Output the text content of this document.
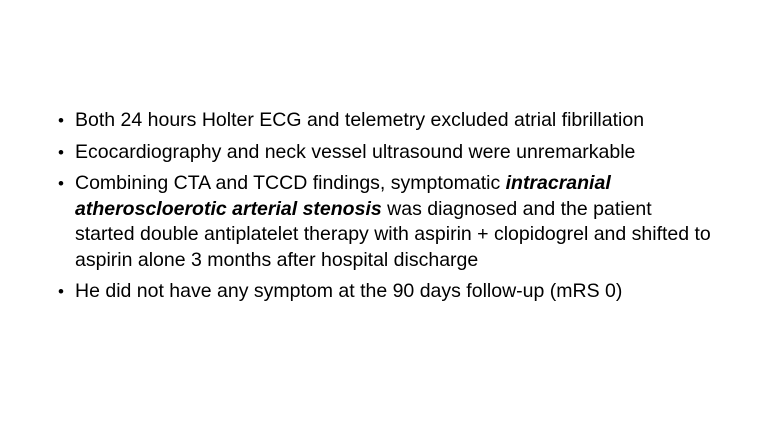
• Both 24 hours Holter ECG and telemetry excluded atrial fibrillation
• Ecocardiography and neck vessel ultrasound were unremarkable
• Combining CTA and TCCD findings, symptomatic intracranial atheroscloerotic arterial stenosis was diagnosed and the patient started double antiplatelet therapy with aspirin + clopidogrel and shifted to aspirin alone 3 months after hospital discharge
• He did not have any symptom at the 90 days follow-up (mRS 0)
